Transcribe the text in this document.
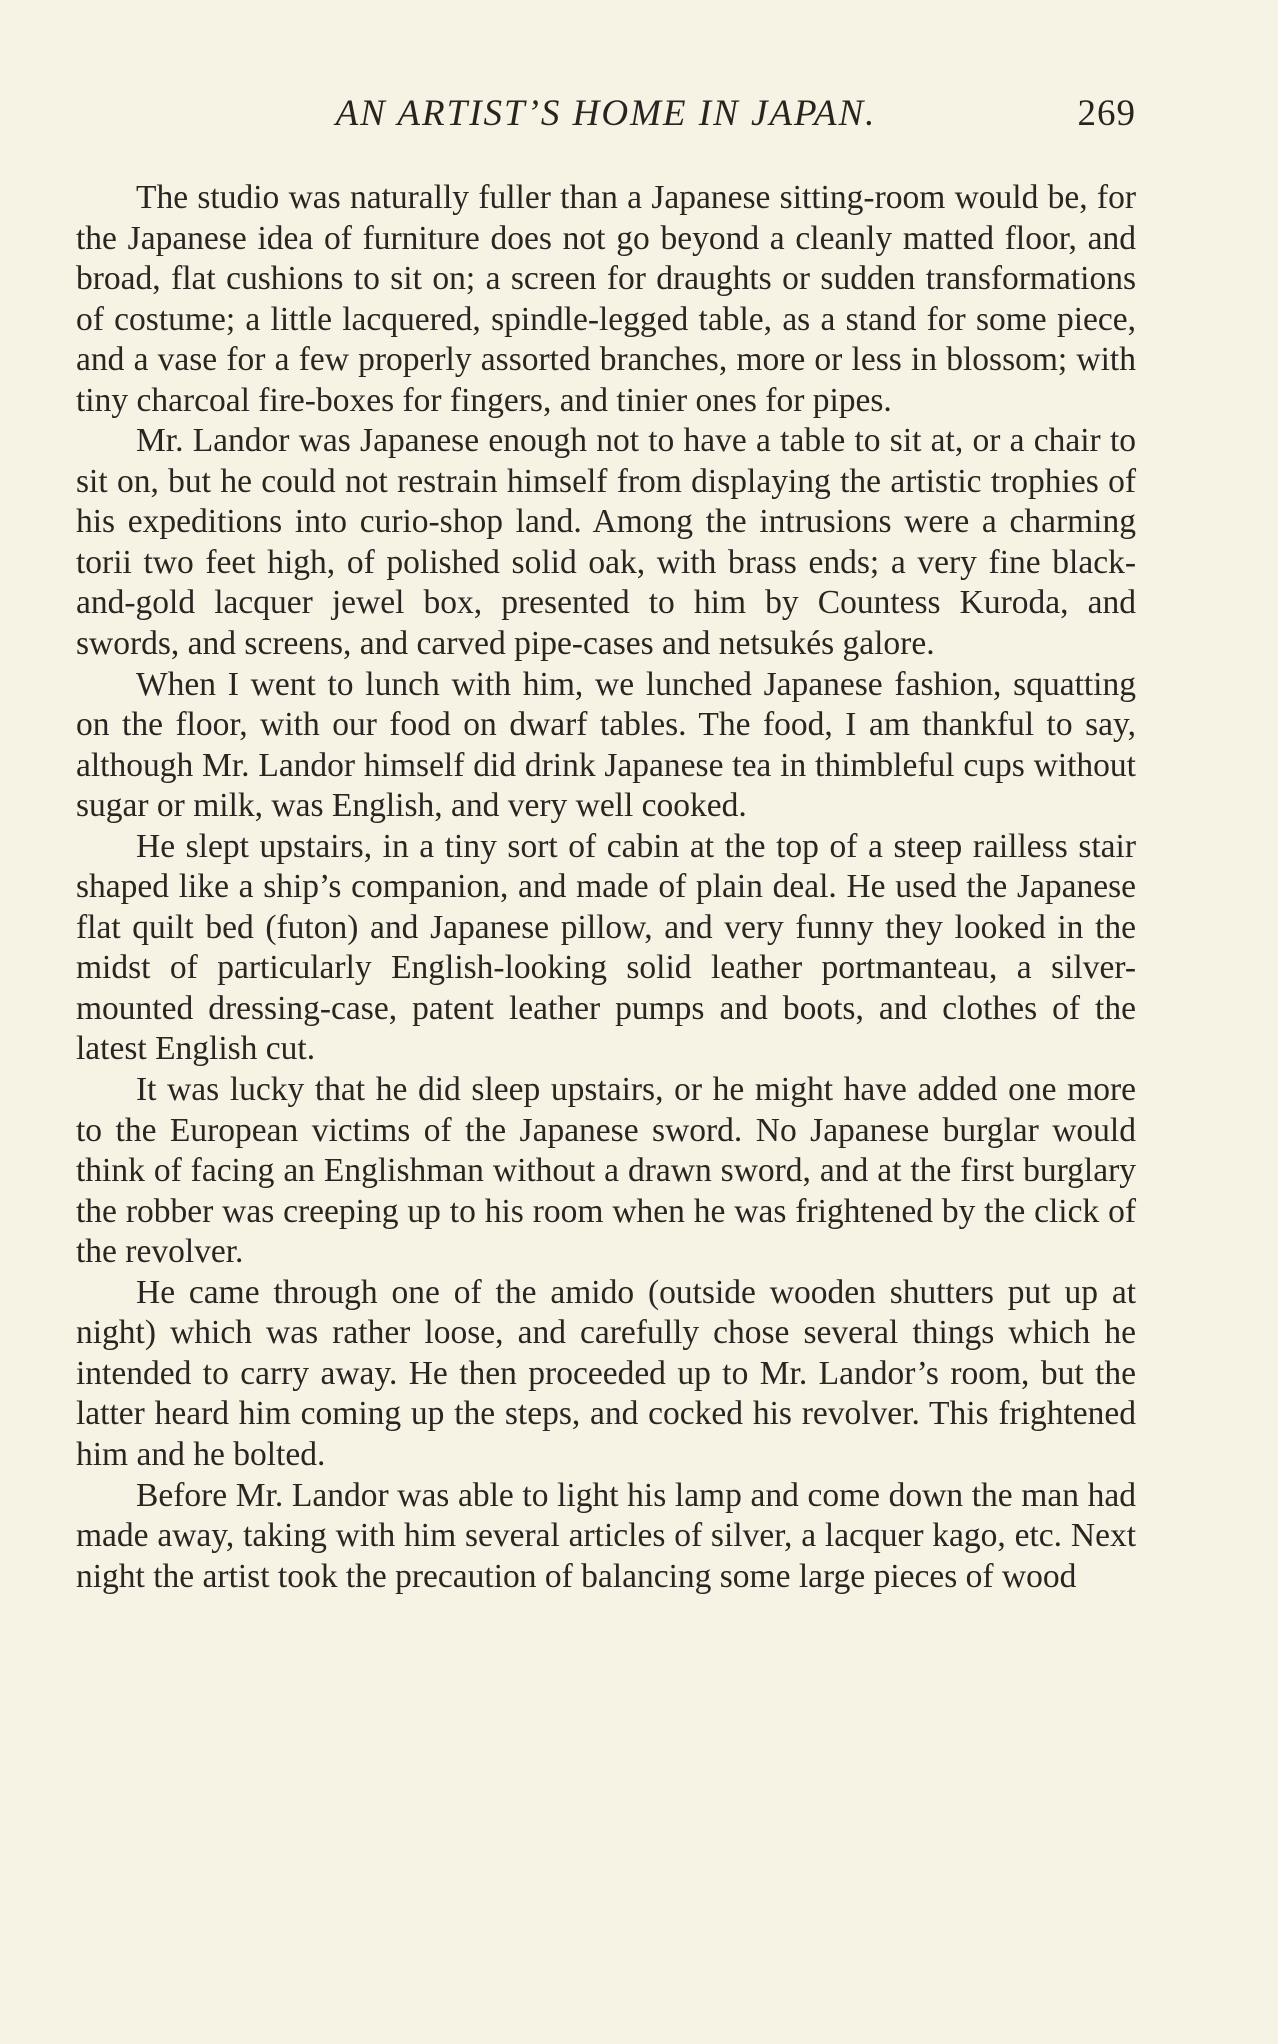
AN ARTIST’S HOME IN JAPAN.	269

The studio was naturally fuller than a Japanese sitting-room would be, for the Japanese idea of furniture does not go beyond a cleanly matted floor, and broad, flat cushions to sit on; a screen for draughts or sudden transformations of costume; a little lacquered, spindle-legged table, as a stand for some piece, and a vase for a few properly assorted branches, more or less in blossom; with tiny charcoal fire-boxes for fingers, and tinier ones for pipes.

Mr. Landor was Japanese enough not to have a table to sit at, or a chair to sit on, but he could not restrain himself from displaying the artistic trophies of his expeditions into curio-shop land. Among the intrusions were a charming torii two feet high, of polished solid oak, with brass ends; a very fine black-and-gold lacquer jewel box, presented to him by Countess Kuroda, and swords, and screens, and carved pipe-cases and netsukés galore.

When I went to lunch with him, we lunched Japanese fashion, squatting on the floor, with our food on dwarf tables. The food, I am thankful to say, although Mr. Landor himself did drink Japanese tea in thimbleful cups without sugar or milk, was English, and very well cooked.

He slept upstairs, in a tiny sort of cabin at the top of a steep railless stair shaped like a ship’s companion, and made of plain deal. He used the Japanese flat quilt bed (futon) and Japanese pillow, and very funny they looked in the midst of particularly English-looking solid leather portmanteau, a silver-mounted dressing-case, patent leather pumps and boots, and clothes of the latest English cut.

It was lucky that he did sleep upstairs, or he might have added one more to the European victims of the Japanese sword. No Japanese burglar would think of facing an Englishman without a drawn sword, and at the first burglary the robber was creeping up to his room when he was frightened by the click of the revolver.

He came through one of the amido (outside wooden shutters put up at night) which was rather loose, and carefully chose several things which he intended to carry away. He then proceeded up to Mr. Landor’s room, but the latter heard him coming up the steps, and cocked his revolver. This frightened him and he bolted.

Before Mr. Landor was able to light his lamp and come down the man had made away, taking with him several articles of silver, a lacquer kago, etc. Next night the artist took the precaution of balancing some large pieces of wood
